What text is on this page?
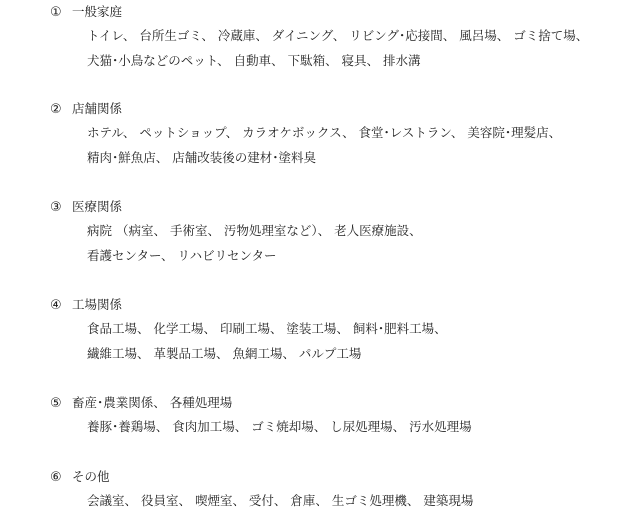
① 一般家庭
トイレ、 台所生ゴミ、 冷蔵庫、 ダイニング、 リビング･応接間、 風呂場、 ゴミ捨て場、
犬猫･小鳥などのペット、 自動車、 下駄箱、 寝具、 排水溝
② 店舗関係
ホテル、 ペットショップ、 カラオケボックス、 食堂･レストラン、 美容院･理髪店、
精肉･鮮魚店、 店舗改装後の建材･塗料臭
③ 医療関係
病院 （病室、 手術室、 汚物処理室など）、 老人医療施設、
看護センター、 リハビリセンター
④ 工場関係
食品工場、 化学工場、 印刷工場、 塗装工場、 飼料･肥料工場、
繊維工場、 革製品工場、 魚網工場、 パルプ工場
⑤ 畜産･農業関係、 各種処理場
養豚･養鶏場、 食肉加工場、 ゴミ焼却場、 し尿処理場、 汚水処理場
⑥ その他
会議室、 役員室、 喫煙室、 受付、 倉庫、 生ゴミ処理機、 建築現場
